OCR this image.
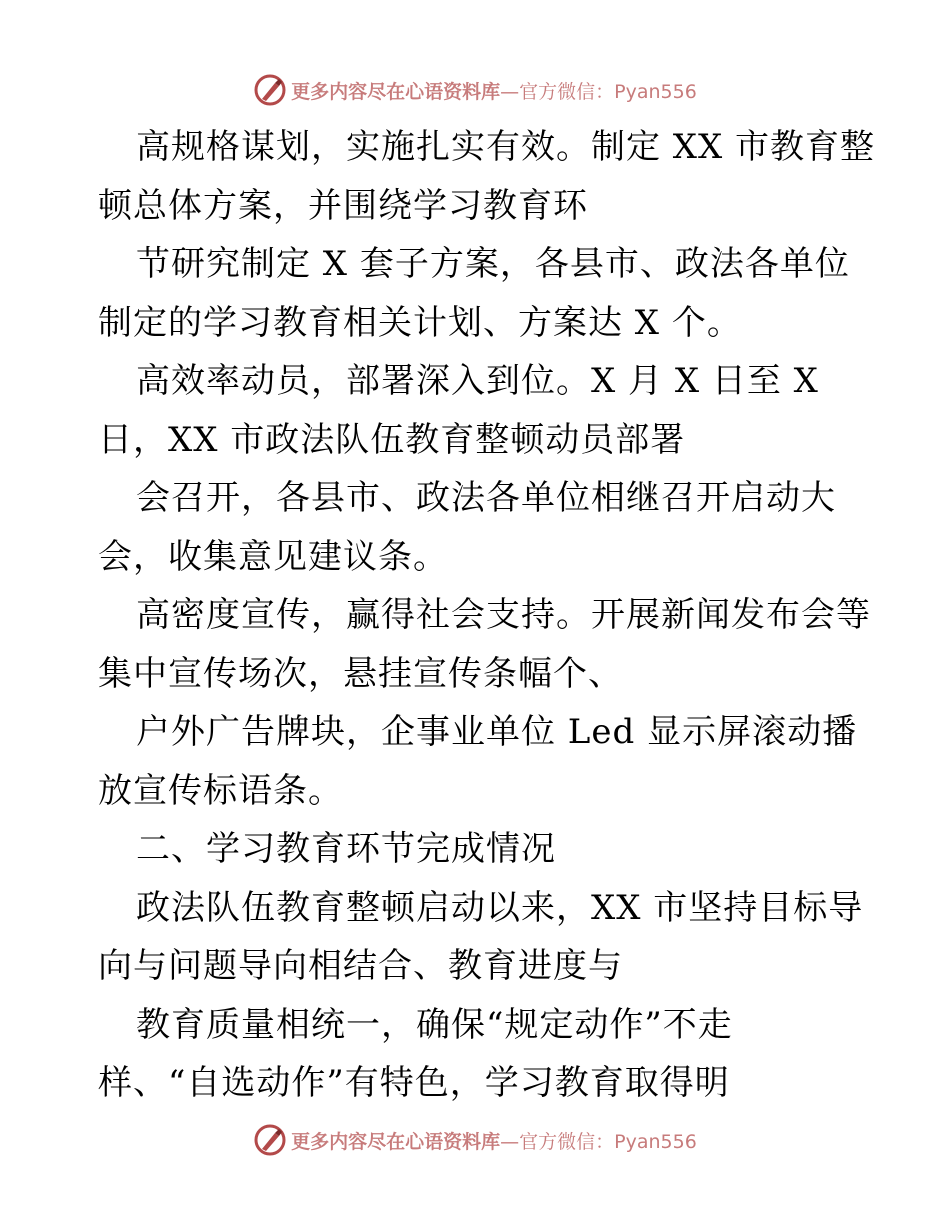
更多内容尽在心语资料库 —官方微信：Pyan556
高规格谋划，实施扎实有效。制定 XX 市教育整
顿总体方案，并围绕学习教育环
节研究制定 X 套子方案，各县市、政法各单位
制定的学习教育相关计划、方案达 X 个。
高效率动员，部署深入到位。X 月 X 日至 X
日，XX 市政法队伍教育整顿动员部署
会召开，各县市、政法各单位相继召开启动大
会，收集意见建议条。
高密度宣传，赢得社会支持。开展新闻发布会等
集中宣传场次，悬挂宣传条幅个、
户外广告牌块，企事业单位 Led 显示屏滚动播
放宣传标语条。
二、学习教育环节完成情况
政法队伍教育整顿启动以来，XX 市坚持目标导
向与问题导向相结合、教育进度与
教育质量相统一，确保“规定动作”不走
样、“自选动作”有特色，学习教育取得明
更多内容尽在心语资料库 —官方微信：Pyan556
